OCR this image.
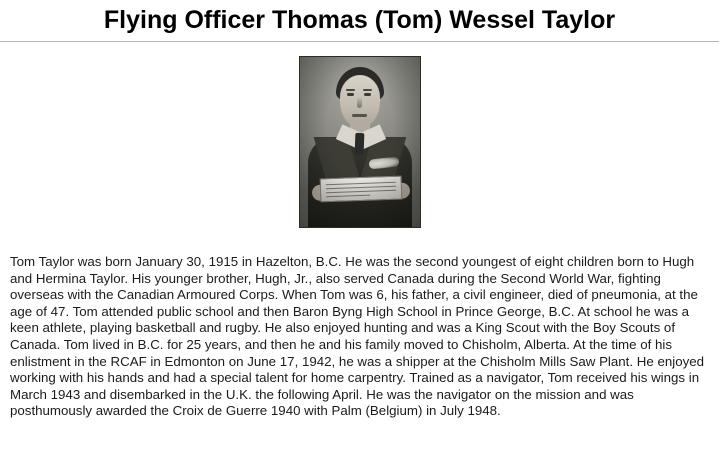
Flying Officer Thomas (Tom) Wessel Taylor

Tom Taylor was born January 30, 1915 in Hazelton, B.C. He was the second youngest of eight children born to Hugh and Hermina Taylor. His younger brother, Hugh, Jr., also served Canada during the Second World War, fighting overseas with the Canadian Armoured Corps. When Tom was 6, his father, a civil engineer, died of pneumonia, at the age of 47. Tom attended public school and then Baron Byng High School in Prince George, B.C. At school he was a keen athlete, playing basketball and rugby. He also enjoyed hunting and was a King Scout with the Boy Scouts of Canada. Tom lived in B.C. for 25 years, and then he and his family moved to Chisholm, Alberta. At the time of his enlistment in the RCAF in Edmonton on June 17, 1942, he was a shipper at the Chisholm Mills Saw Plant. He enjoyed working with his hands and had a special talent for home carpentry. Trained as a navigator, Tom received his wings in March 1943 and disembarked in the U.K. the following April. He was the navigator on the mission and was posthumously awarded the Croix de Guerre 1940 with Palm (Belgium) in July 1948.
